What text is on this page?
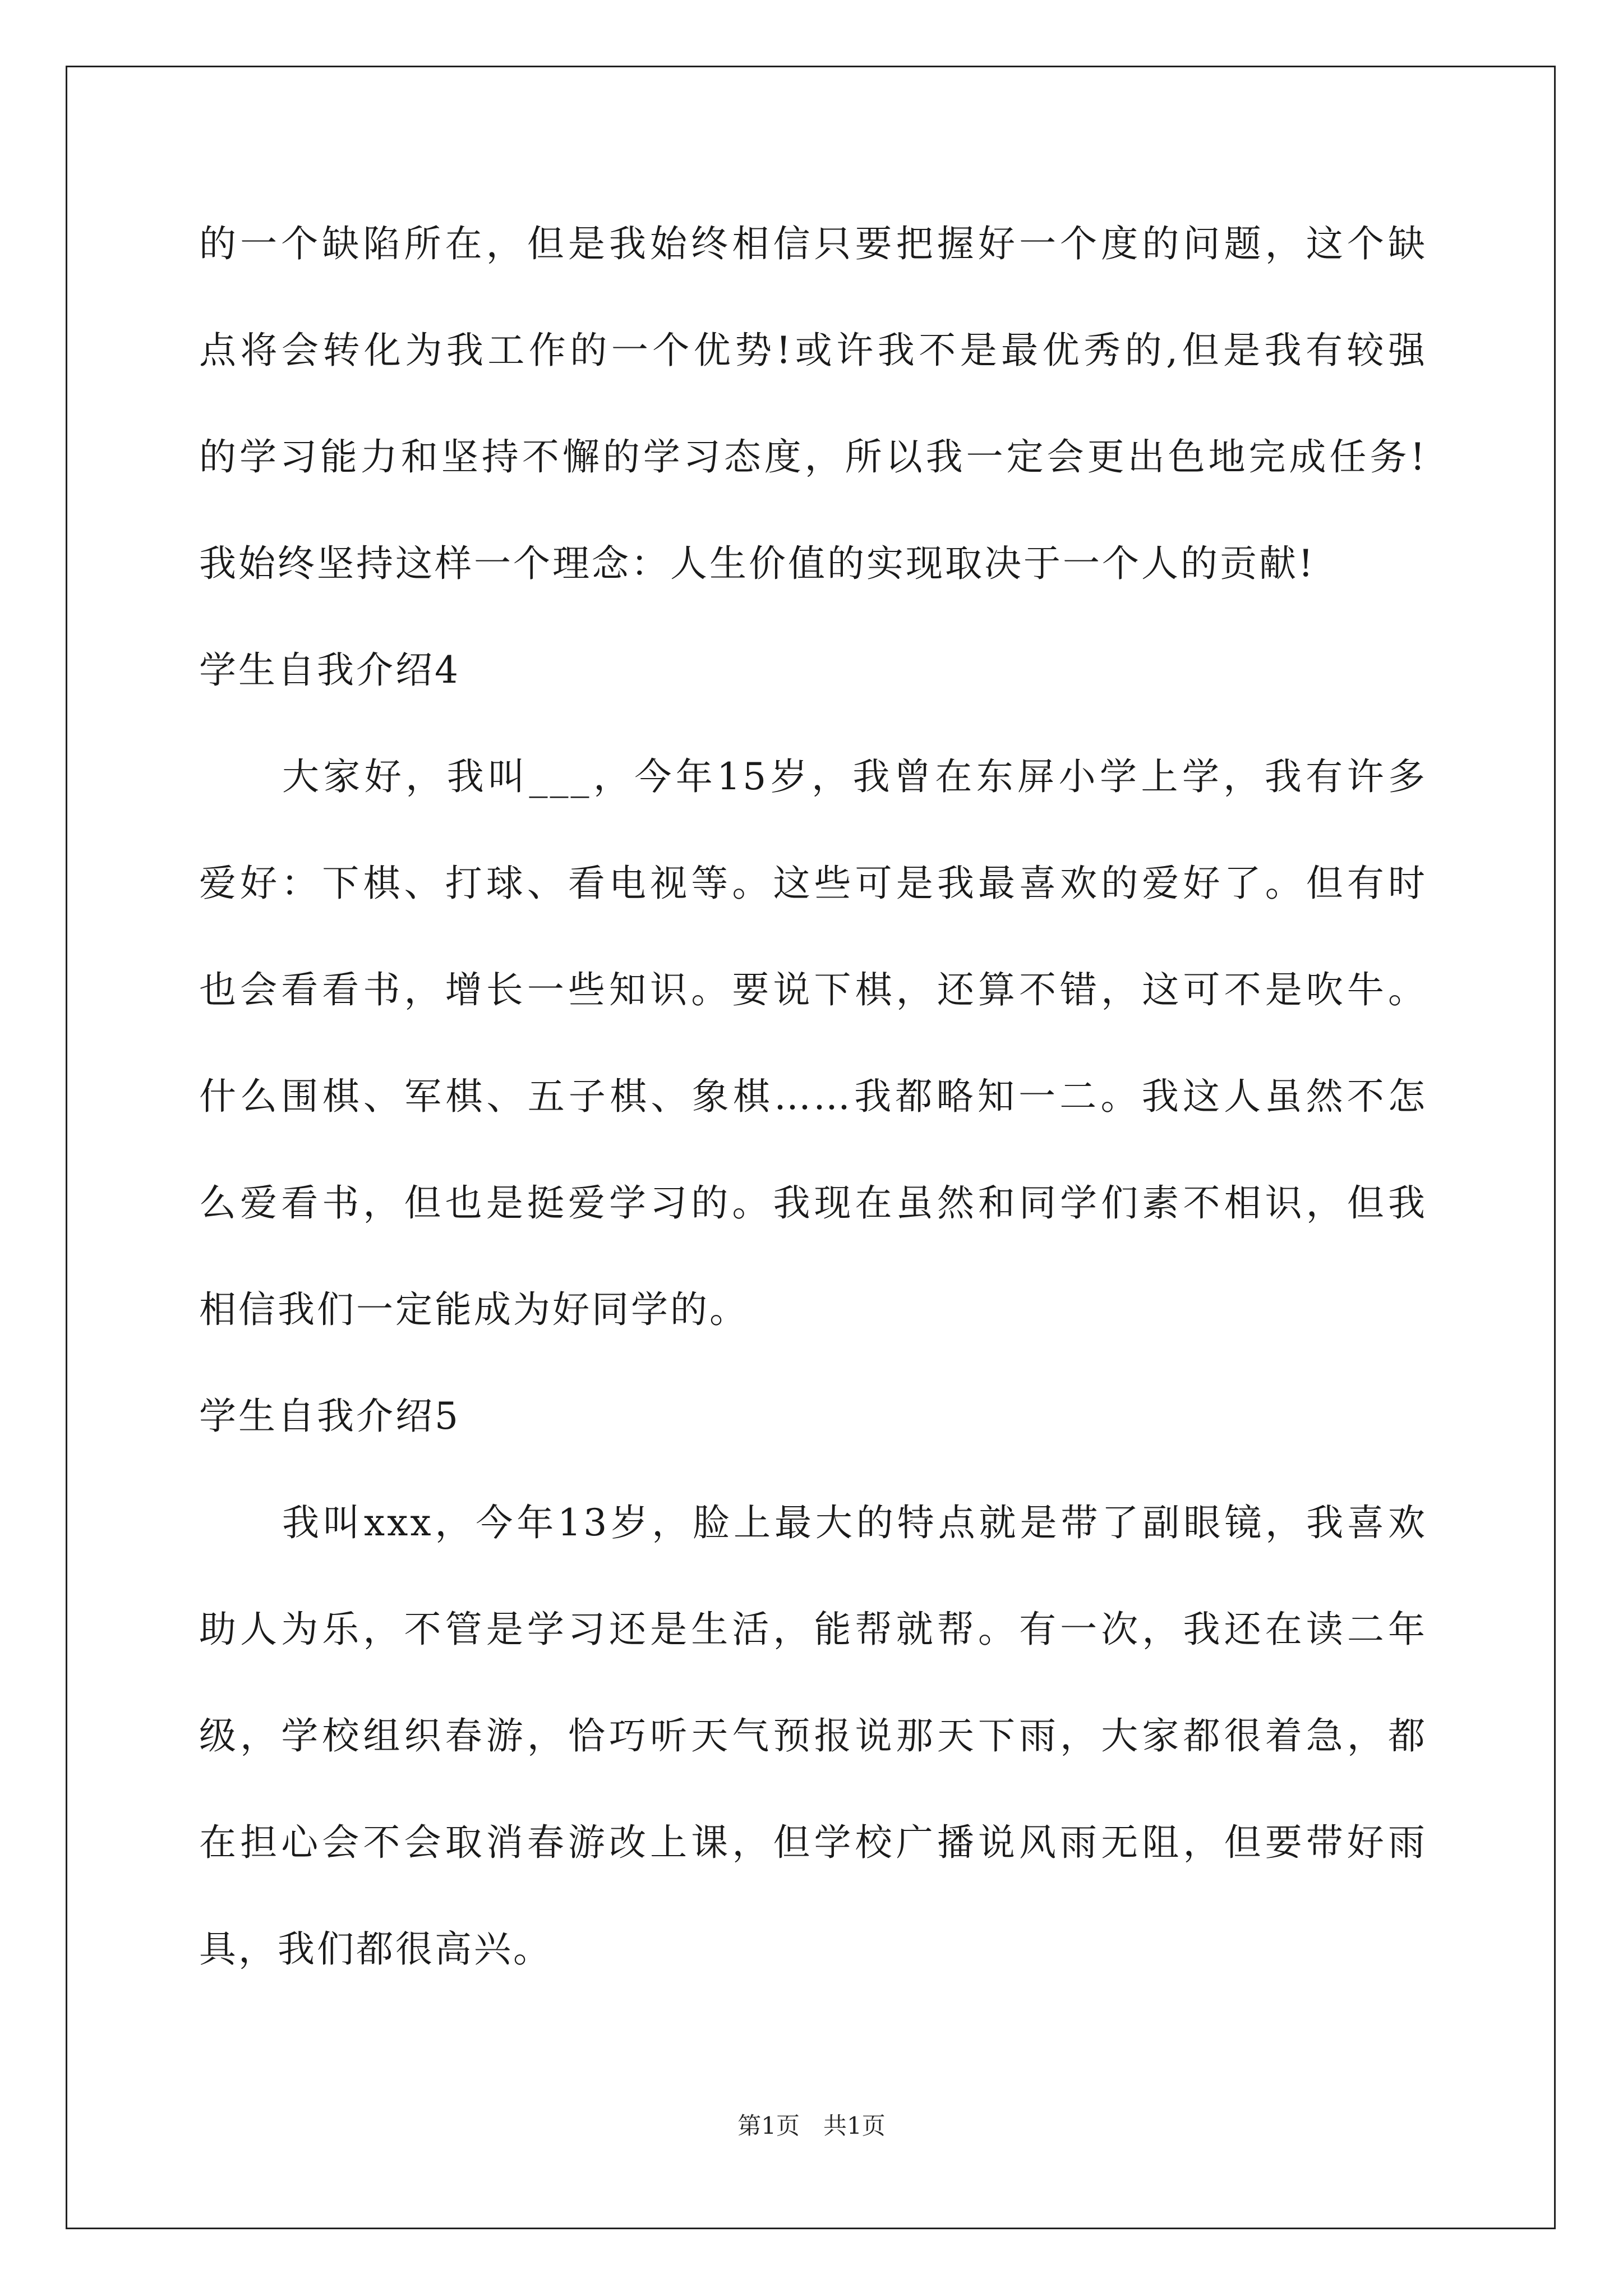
的一个缺陷所在，但是我始终相信只要把握好一个度的问题，这个缺
点将会转化为我工作的一个优势!或许我不是最优秀的,但是我有较强
的学习能力和坚持不懈的学习态度，所以我一定会更出色地完成任务!
我始终坚持这样一个理念：人生价值的实现取决于一个人的贡献!
学生自我介绍4
大家好，我叫___，今年15岁，我曾在东屏小学上学，我有许多
爱好：下棋、打球、看电视等。这些可是我最喜欢的爱好了。但有时
也会看看书，增长一些知识。要说下棋，还算不错，这可不是吹牛。
什么围棋、军棋、五子棋、象棋……我都略知一二。我这人虽然不怎
么爱看书，但也是挺爱学习的。我现在虽然和同学们素不相识，但我
相信我们一定能成为好同学的。
学生自我介绍5
我叫xxx，今年13岁，脸上最大的特点就是带了副眼镜，我喜欢
助人为乐，不管是学习还是生活，能帮就帮。有一次，我还在读二年
级，学校组织春游，恰巧听天气预报说那天下雨，大家都很着急，都
在担心会不会取消春游改上课，但学校广播说风雨无阻，但要带好雨
具，我们都很高兴。
第1页　共1页
